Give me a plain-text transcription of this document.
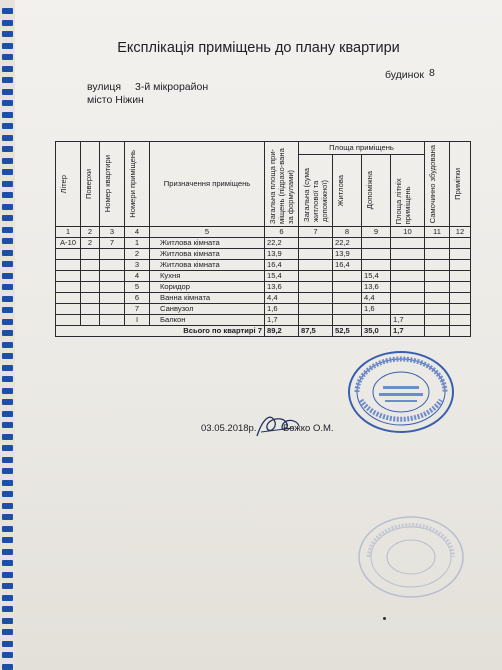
Експлікація приміщень до плану квартири
вулиця 3-й мікрорайон
місто Ніжин
будинок 8
Літер	Поверхи	Номер квартири	Номери приміщень	Призначення приміщень	Загальна площа при-міщень (підрахо-вана за формулами)	Площа приміщень				Самочинно збудована	Примітки

						Загальна (сума житлової та допоміжної)	Житлова	Допоміжна	Площа літніх приміщень		

1	2	3	4	5	6	7	8	9	10	11	12
А-10	2	7	1	Житлова кімната	22,2		22,2				
			2	Житлова кімната	13,9		13,9				
			3	Житлова кімната	16,4		16,4				
			4	Кухня	15,4			15,4			
			5	Коридор	13,6			13,6			
			6	Ванна кімната	4,4			4,4			
			7	Санвузол	1,6			1,6			
			I	Балкон	1,7				1,7		
Всього по квартирі 7					89,2	87,5	52,5	35,0	1,7		
03.05.2018р.	Божко О.М.
